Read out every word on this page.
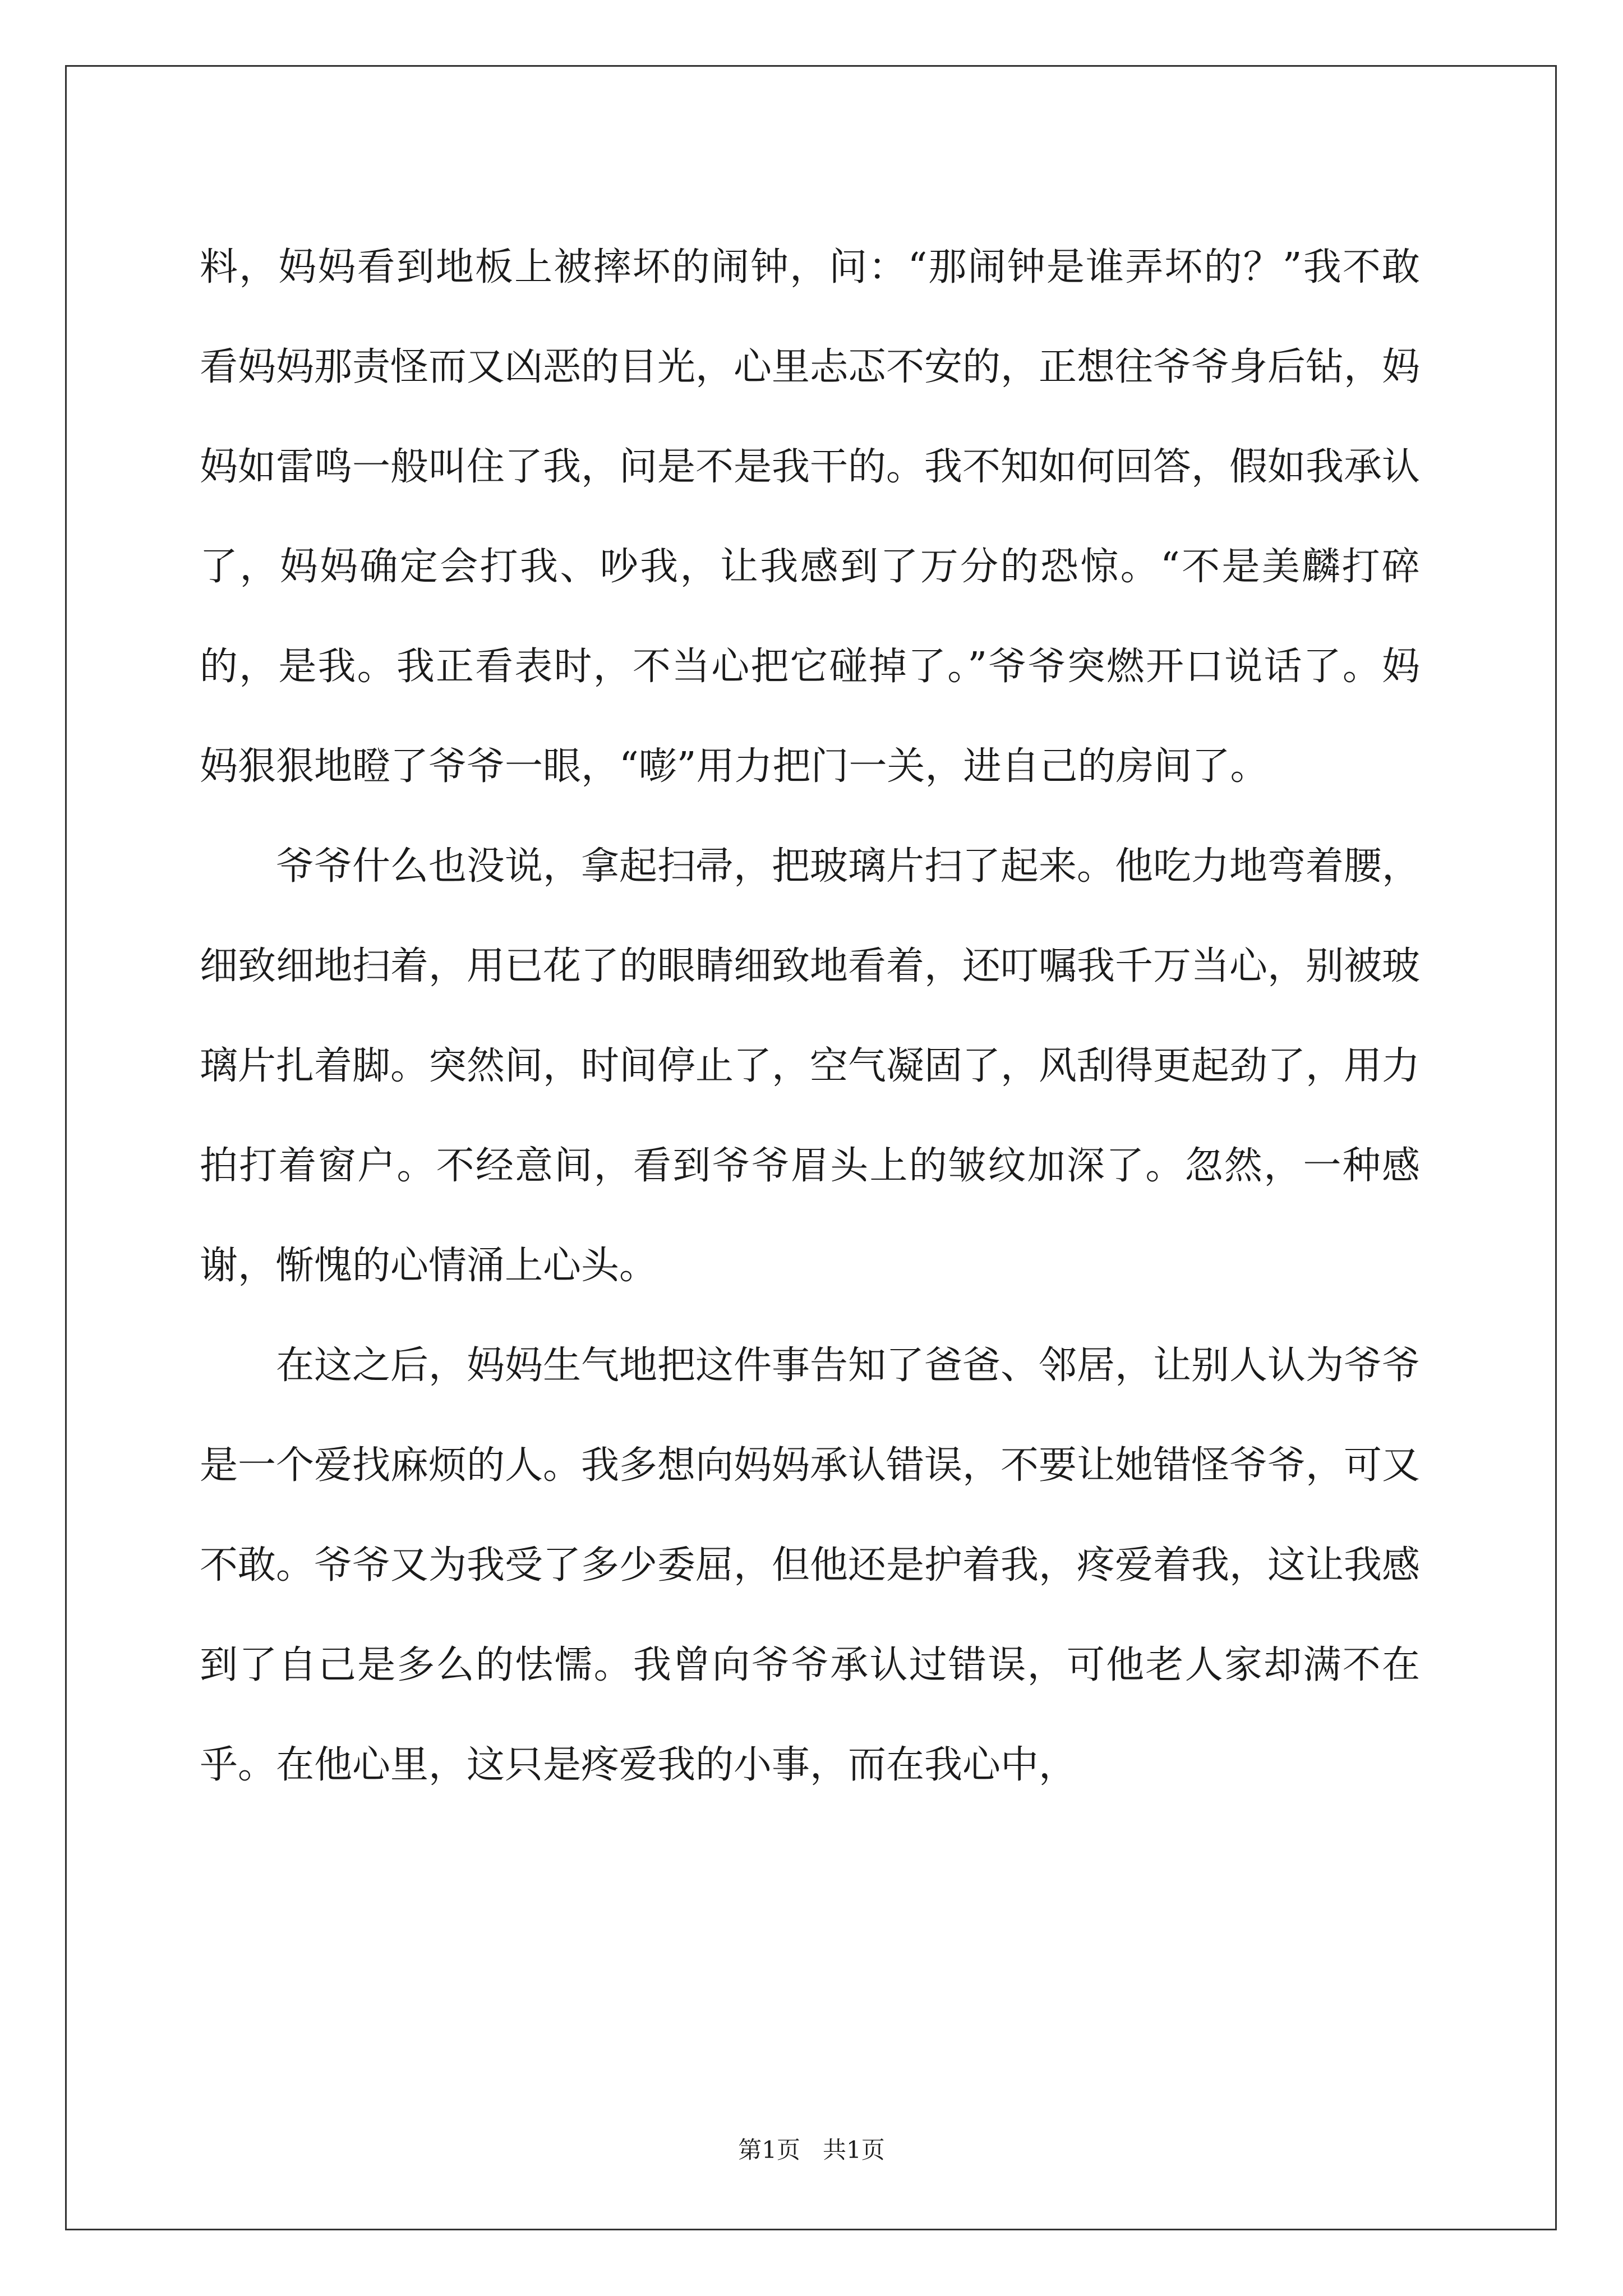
料，妈妈看到地板上被摔坏的闹钟，问：“那闹钟是谁弄坏的？”我不敢看妈妈那责怪而又凶恶的目光，心里忐忑不安的，正想往爷爷身后钻，妈妈如雷鸣一般叫住了我，问是不是我干的。我不知如何回答，假如我承认了，妈妈确定会打我、吵我，让我感到了万分的恐惊。“不是美麟打碎的，是我。我正看表时，不当心把它碰掉了。”爷爷突燃开口说话了。妈妈狠狠地瞪了爷爷一眼，“嘭”用力把门一关，进自己的房间了。

爷爷什么也没说，拿起扫帚，把玻璃片扫了起来。他吃力地弯着腰，细致细地扫着，用已花了的眼睛细致地看着，还叮嘱我千万当心，别被玻璃片扎着脚。突然间，时间停止了，空气凝固了，风刮得更起劲了，用力拍打着窗户。不经意间，看到爷爷眉头上的皱纹加深了。忽然，一种感谢，惭愧的心情涌上心头。

在这之后，妈妈生气地把这件事告知了爸爸、邻居，让别人认为爷爷是一个爱找麻烦的人。我多想向妈妈承认错误，不要让她错怪爷爷，可又不敢。爷爷又为我受了多少委屈，但他还是护着我，疼爱着我，这让我感到了自己是多么的怯懦。我曾向爷爷承认过错误，可他老人家却满不在乎。在他心里，这只是疼爱我的小事，而在我心中，

第1页 共1页
